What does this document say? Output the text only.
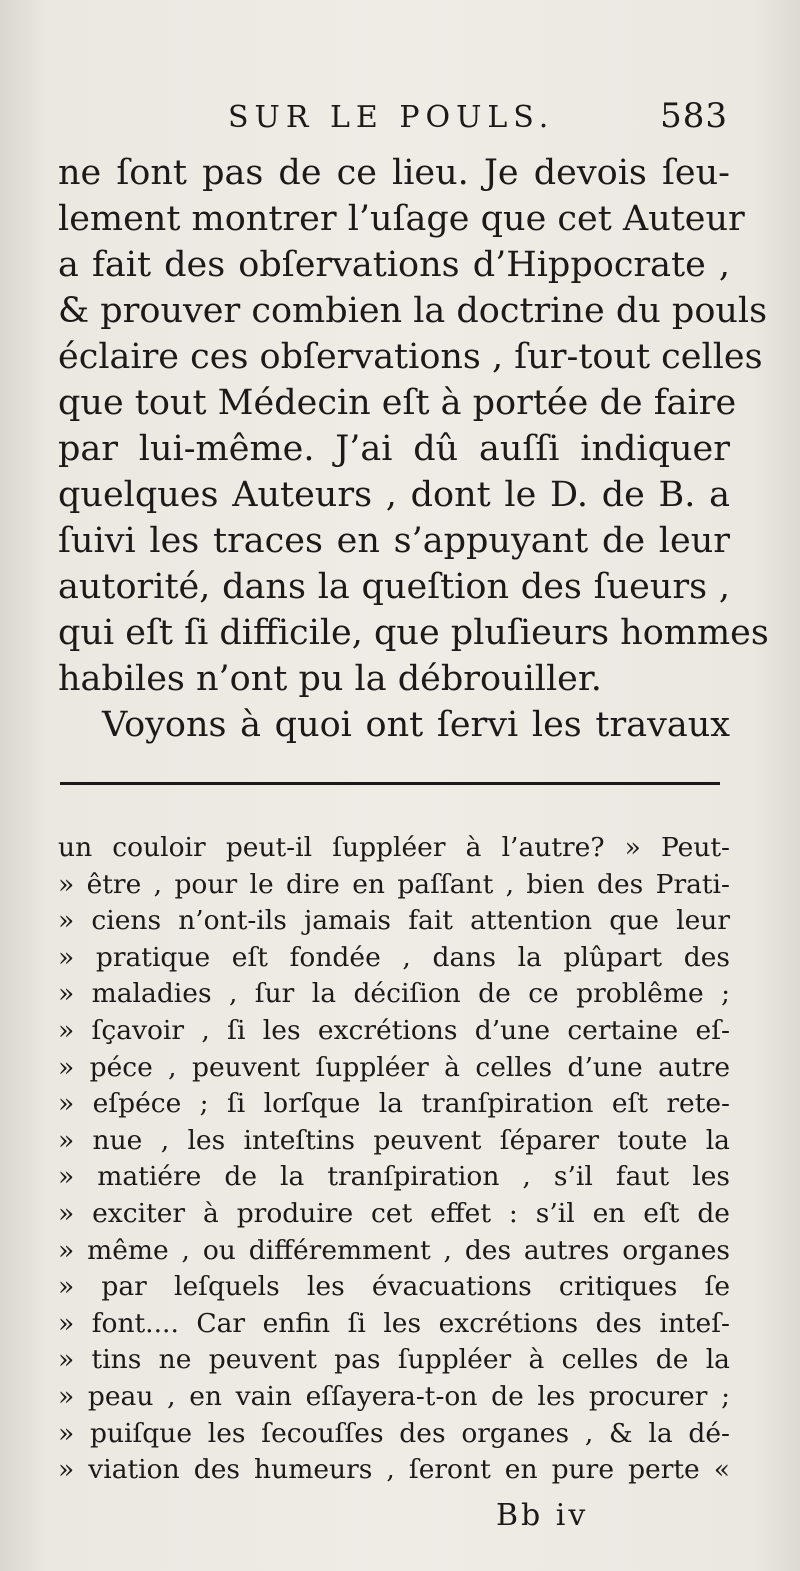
SUR LE POULS.	583
ne ſont pas de ce lieu. Je devois ſeu-
lement montrer l’uſage que cet Auteur
a fait des obſervations d’Hippocrate ,
& prouver combien la doctrine du pouls
éclaire ces obſervations , ſur-tout celles
que tout Médecin eſt à portée de faire
par lui-même. J’ai dû auſſi indiquer
quelques Auteurs , dont le D. de B. a
ſuivi les traces en s’appuyant de leur
autorité, dans la queſtion des ſueurs ,
qui eſt ſi difficile, que pluſieurs hommes
habiles n’ont pu la débrouiller.
Voyons à quoi ont ſervi les travaux
un couloir peut-il ſuppléer à l’autre? » Peut-
» être , pour le dire en paſſant , bien des Prati-
» ciens n’ont-ils jamais fait attention que leur
» pratique eſt fondée , dans la plûpart des
» maladies , ſur la déciſion de ce problême ;
» ſçavoir , ſi les excrétions d’une certaine eſ-
» péce , peuvent ſuppléer à celles d’une autre
» eſpéce ; ſi lorſque la tranſpiration eſt rete-
» nue , les inteſtins peuvent ſéparer toute la
» matiére de la tranſpiration , s’il faut les
» exciter à produire cet effet : s’il en eſt de
» même , ou différemment , des autres organes
» par leſquels les évacuations critiques ſe
» font.... Car enfin ſi les excrétions des inteſ-
» tins ne peuvent pas ſuppléer à celles de la
» peau , en vain eſſayera-t-on de les procurer ;
» puiſque les ſecouſſes des organes , & la dé-
» viation des humeurs , ſeront en pure perte «
Bb iv
